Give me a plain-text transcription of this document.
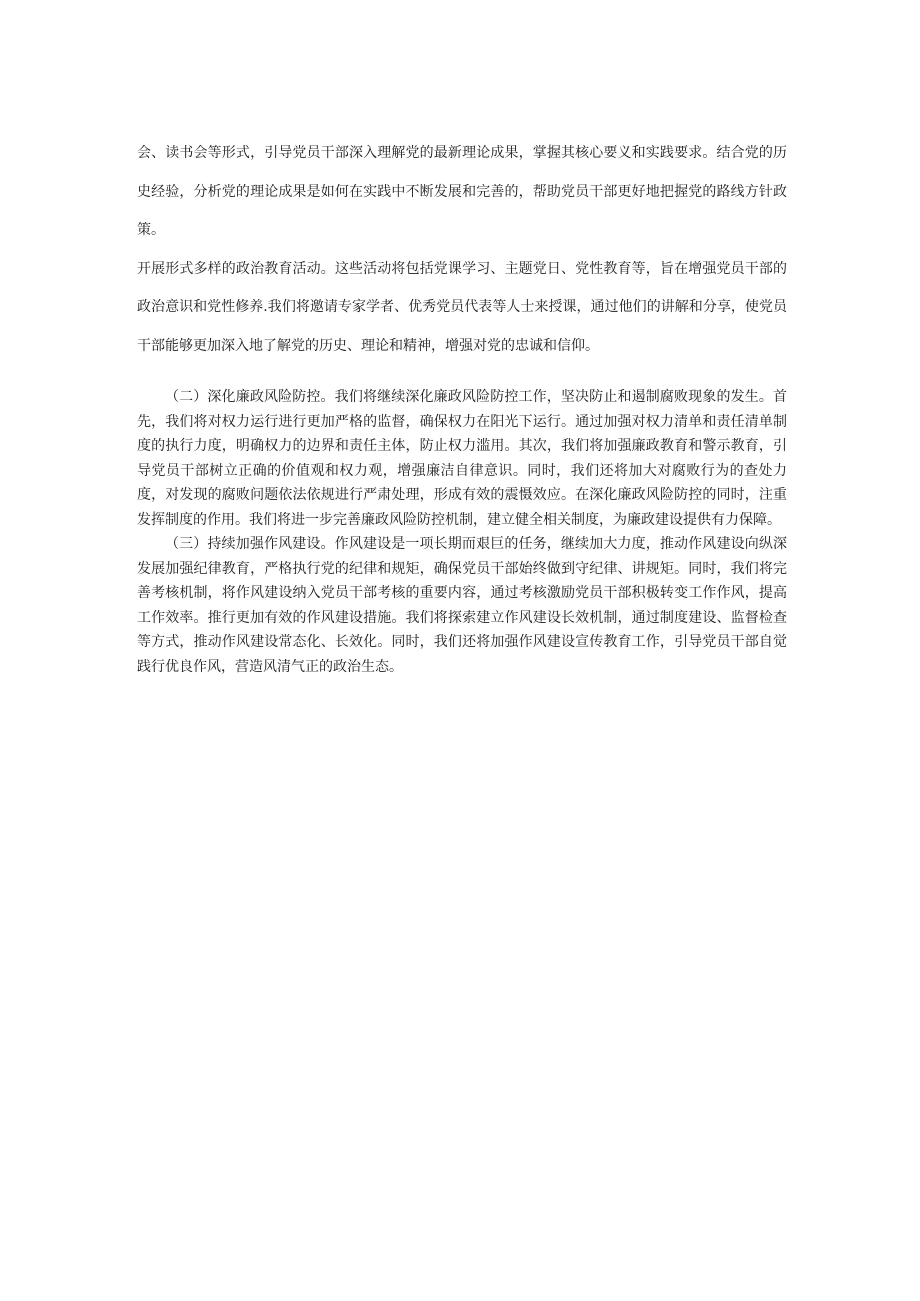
会、读书会等形式，引导党员干部深入理解党的最新理论成果，掌握其核心要义和实践要求。结合党的历史经验，分析党的理论成果是如何在实践中不断发展和完善的，帮助党员干部更好地把握党的路线方针政策。

开展形式多样的政治教育活动。这些活动将包括党课学习、主题党日、党性教育等，旨在增强党员干部的政治意识和党性修养.我们将邀请专家学者、优秀党员代表等人士来授课，通过他们的讲解和分享，使党员干部能够更加深入地了解党的历史、理论和精神，增强对党的忠诚和信仰。

（二）深化廉政风险防控。我们将继续深化廉政风险防控工作，坚决防止和遏制腐败现象的发生。首先，我们将对权力运行进行更加严格的监督，确保权力在阳光下运行。通过加强对权力清单和责任清单制度的执行力度，明确权力的边界和责任主体，防止权力滥用。其次，我们将加强廉政教育和警示教育，引导党员干部树立正确的价值观和权力观，增强廉洁自律意识。同时，我们还将加大对腐败行为的查处力度，对发现的腐败问题依法依规进行严肃处理，形成有效的震慑效应。在深化廉政风险防控的同时，注重发挥制度的作用。我们将进一步完善廉政风险防控机制，建立健全相关制度，为廉政建设提供有力保障。

（三）持续加强作风建设。作风建设是一项长期而艰巨的任务，继续加大力度，推动作风建设向纵深发展加强纪律教育，严格执行党的纪律和规矩，确保党员干部始终做到守纪律、讲规矩。同时，我们将完善考核机制，将作风建设纳入党员干部考核的重要内容，通过考核激励党员干部积极转变工作作风，提高工作效率。推行更加有效的作风建设措施。我们将探索建立作风建设长效机制，通过制度建设、监督检查等方式，推动作风建设常态化、长效化。同时，我们还将加强作风建设宣传教育工作，引导党员干部自觉践行优良作风，营造风清气正的政治生态。
